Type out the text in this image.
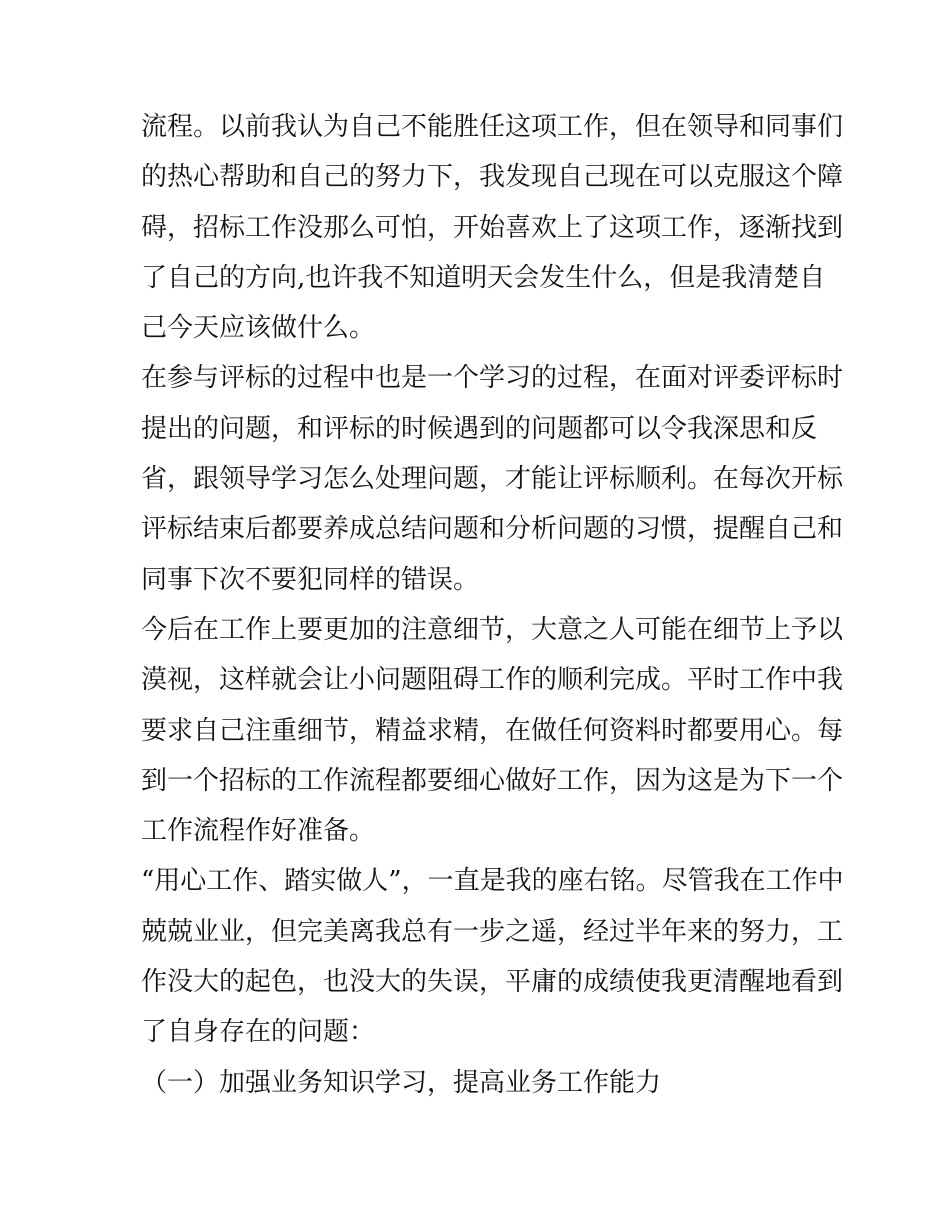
流程。以前我认为自己不能胜任这项工作，但在领导和同事们
的热心帮助和自己的努力下，我发现自己现在可以克服这个障
碍，招标工作没那么可怕，开始喜欢上了这项工作，逐渐找到
了自己的方向,也许我不知道明天会发生什么，但是我清楚自
己今天应该做什么。
在参与评标的过程中也是一个学习的过程，在面对评委评标时
提出的问题，和评标的时候遇到的问题都可以令我深思和反
省，跟领导学习怎么处理问题，才能让评标顺利。在每次开标
评标结束后都要养成总结问题和分析问题的习惯，提醒自己和
同事下次不要犯同样的错误。
今后在工作上要更加的注意细节，大意之人可能在细节上予以
漠视，这样就会让小问题阻碍工作的顺利完成。平时工作中我
要求自己注重细节，精益求精，在做任何资料时都要用心。每
到一个招标的工作流程都要细心做好工作，因为这是为下一个
工作流程作好准备。
“用心工作、踏实做人”，一直是我的座右铭。尽管我在工作中
兢兢业业，但完美离我总有一步之遥，经过半年来的努力，工
作没大的起色，也没大的失误，平庸的成绩使我更清醒地看到
了自身存在的问题：
（一）加强业务知识学习，提高业务工作能力
